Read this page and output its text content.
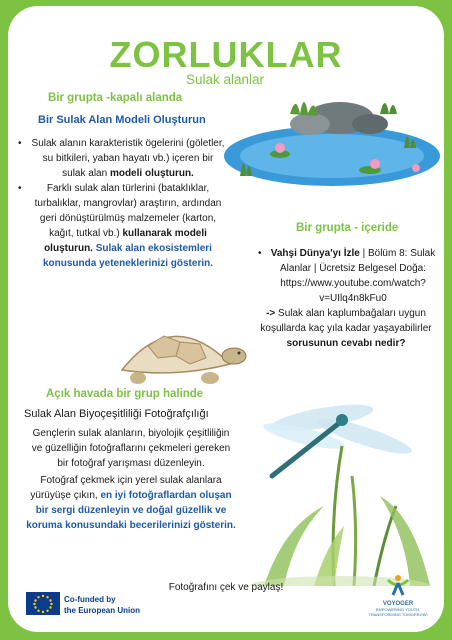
ZORLUKLAR
Sulak alanlar
Bir grupta -kapalı alanda
Bir Sulak Alan Modeli Oluşturun
• Sulak alanın karakteristik ögelerini (göletler, su bitkileri, yaban hayatı vb.) içeren bir sulak alan modeli oluşturun.
• Farklı sulak alan türlerini (bataklıklar, turbalıklar, mangrovlar) araştırın, ardından geri dönüştürülmüş malzemeler (karton, kağıt, tutkal vb.) kullanarak modeli oluşturun. Sulak alan ekosistemleri konusunda yeteneklerinizi gösterin.
Bir grupta - içeride
• Vahşi Dünya'yı İzle | Bölüm 8: Sulak Alanlar | Ücretsiz Belgesel Doğa: https://www.youtube.com/watch?v=UIlq4n8kFu0
-> Sulak alan kaplumbağaları uygun koşullarda kaç yıla kadar yaşayabilirler sorusunun cevabı nedir?
Açık havada bir grup halinde
Sulak Alan Biyoçeşitliliği Fotoğrafçılığı
Gençlerin sulak alanların, biyolojik çeşitliliğin ve güzelliğin fotoğraflarını çekmeleri gereken bir fotoğraf yarışması düzenleyin.
Fotoğraf çekmek için yerel sulak alanlara yürüyüşe çıkın, en iyi fotoğraflardan oluşan bir sergi düzenleyin ve doğal güzellik ve koruma konusundaki becerilerinizi gösterin.
Fotoğrafını çek ve paylaş!
Co-funded by
the European Union
VOYOGER
EMPOWERING YOUTH, TRANSFORMING TOMORROW!
